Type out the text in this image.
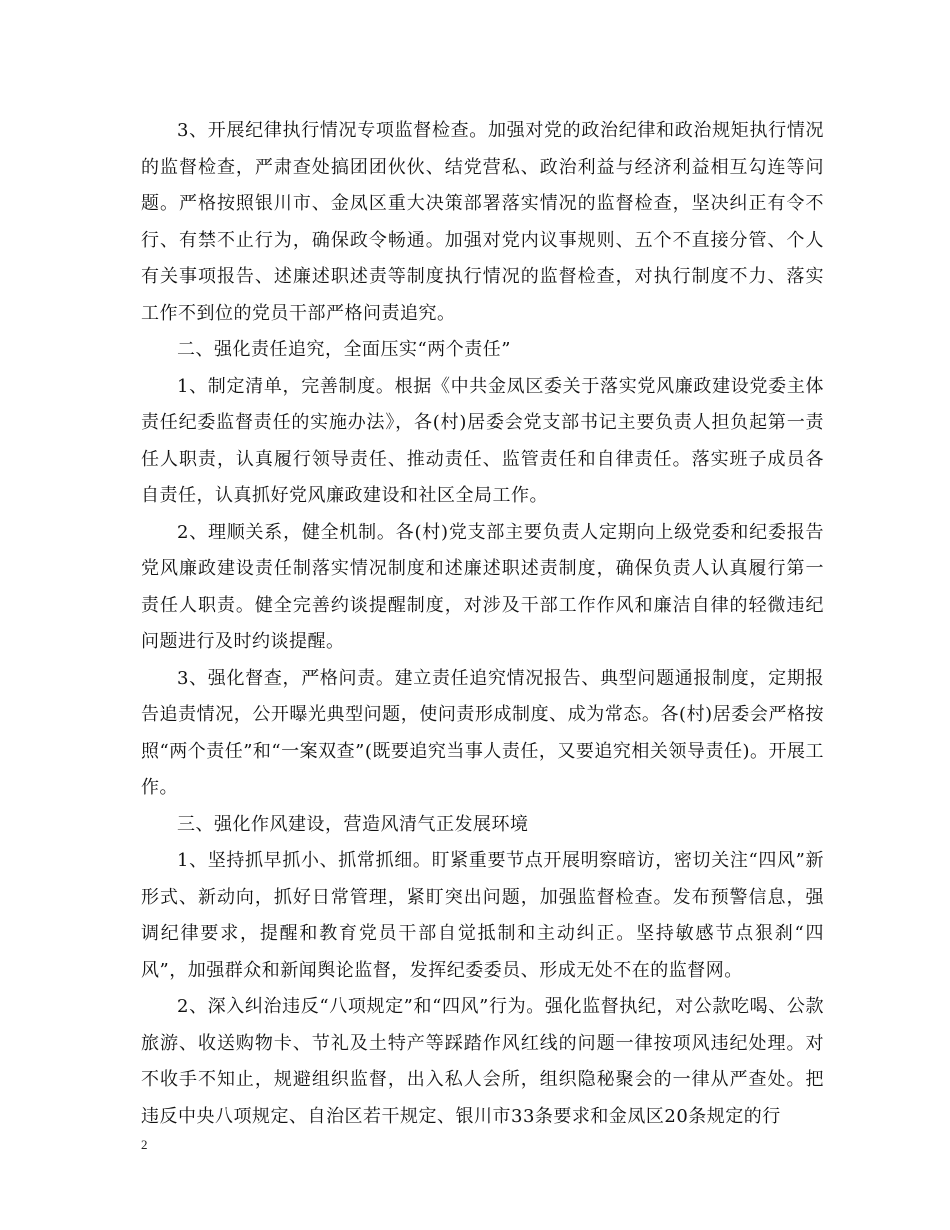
3、开展纪律执行情况专项监督检查。加强对党的政治纪律和政治规矩执行情况的监督检查，严肃查处搞团团伙伙、结党营私、政治利益与经济利益相互勾连等问题。严格按照银川市、金凤区重大决策部署落实情况的监督检查，坚决纠正有令不行、有禁不止行为，确保政令畅通。加强对党内议事规则、五个不直接分管、个人有关事项报告、述廉述职述责等制度执行情况的监督检查，对执行制度不力、落实工作不到位的党员干部严格问责追究。

二、强化责任追究，全面压实“两个责任”

1、制定清单，完善制度。根据《中共金凤区委关于落实党风廉政建设党委主体责任纪委监督责任的实施办法》，各(村)居委会党支部书记主要负责人担负起第一责任人职责，认真履行领导责任、推动责任、监管责任和自律责任。落实班子成员各自责任，认真抓好党风廉政建设和社区全局工作。

2、理顺关系，健全机制。各(村)党支部主要负责人定期向上级党委和纪委报告党风廉政建设责任制落实情况制度和述廉述职述责制度，确保负责人认真履行第一责任人职责。健全完善约谈提醒制度，对涉及干部工作作风和廉洁自律的轻微违纪问题进行及时约谈提醒。

3、强化督查，严格问责。建立责任追究情况报告、典型问题通报制度，定期报告追责情况，公开曝光典型问题，使问责形成制度、成为常态。各(村)居委会严格按照“两个责任”和“一案双查”(既要追究当事人责任，又要追究相关领导责任)。开展工作。

三、强化作风建设，营造风清气正发展环境

1、坚持抓早抓小、抓常抓细。盯紧重要节点开展明察暗访，密切关注“四风”新形式、新动向，抓好日常管理，紧盯突出问题，加强监督检查。发布预警信息，强调纪律要求，提醒和教育党员干部自觉抵制和主动纠正。坚持敏感节点狠刹“四风”，加强群众和新闻舆论监督，发挥纪委委员、形成无处不在的监督网。

2、深入纠治违反“八项规定”和“四风”行为。强化监督执纪，对公款吃喝、公款旅游、收送购物卡、节礼及土特产等踩踏作风红线的问题一律按项风违纪处理。对不收手不知止，规避组织监督，出入私人会所，组织隐秘聚会的一律从严查处。把违反中央八项规定、自治区若干规定、银川市33条要求和金凤区20条规定的行

2
